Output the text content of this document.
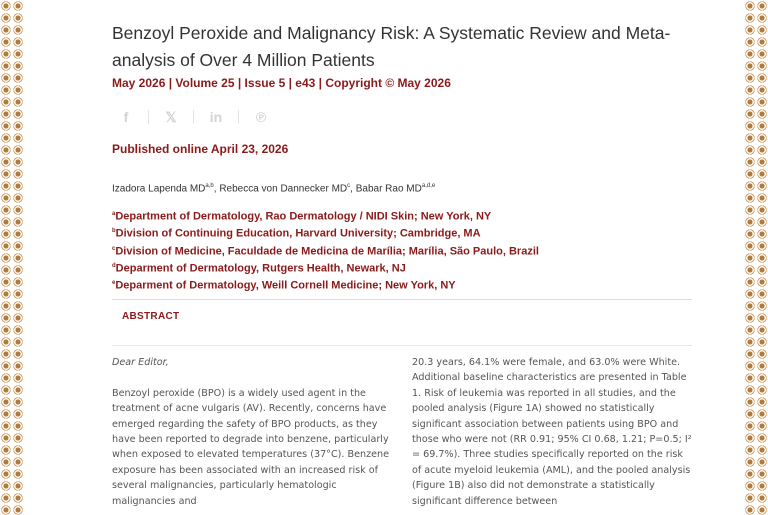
Benzoyl Peroxide and Malignancy Risk: A Systematic Review and Meta-analysis of Over 4 Million Patients

May 2026 | Volume 25 | Issue 5 | e43 | Copyright © May 2026

f	𝕏	in	℗

Published online April 23, 2026

Izadora Lapenda MD$^{a,b}$, Rebecca von Dannecker $MD^c$, Babar Rao MD$^{a,d,e}$

$^a$Department of Dermatology, Rao Dermatology / NIDI Skin; New York, NY
$^b$Division of Continuing Education, Harvard University; Cambridge, MA
$^c$Division of Medicine, Faculdade de Medicina de Marília; Marília, São Paulo, Brazil
$^d$Deparment of Dermatology, Rutgers Health, Newark, NJ
$^e$Deparment of Dermatology, Weill Cornell Medicine; New York, NY

ABSTRACT

Dear Editor,

Benzoyl peroxide (BPO) is a widely used agent in the treatment of acne vulgaris (AV). Recently, concerns have emerged regarding the safety of BPO products, as they have been reported to degrade into benzene, particularly when exposed to elevated temperatures (37°C). Benzene exposure has been associated with an increased risk of several malignancies, particularly hematologic malignancies and

20.3 years, 64.1% were female, and 63.0% were White. Additional baseline characteristics are presented in Table 1. Risk of leukemia was reported in all studies, and the pooled analysis (Figure 1A) showed no statistically significant association between patients using BPO and those who were not (RR 0.91; 95% CI 0.68, 1.21; P=0.5; I² = 69.7%). Three studies specifically reported on the risk of acute myeloid leukemia (AML), and the pooled analysis (Figure 1B) also did not demonstrate a statistically significant difference between
